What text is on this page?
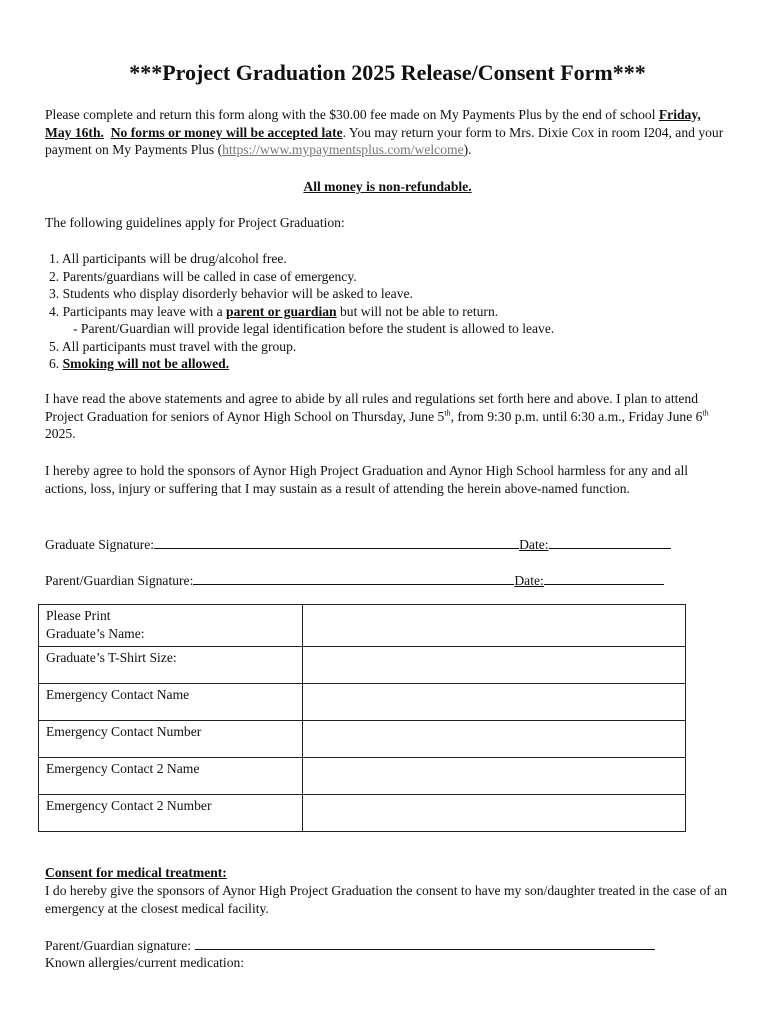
***Project Graduation 2025 Release/Consent Form***
Please complete and return this form along with the $30.00 fee made on My Payments Plus by the end of school Friday, May 16th. No forms or money will be accepted late. You may return your form to Mrs. Dixie Cox in room I204, and your payment on My Payments Plus (https://www.mypaymentsplus.com/welcome).
All money is non-refundable.
The following guidelines apply for Project Graduation:
1. All participants will be drug/alcohol free.
2. Parents/guardians will be called in case of emergency.
3. Students who display disorderly behavior will be asked to leave.
4. Participants may leave with a parent or guardian but will not be able to return.
- Parent/Guardian will provide legal identification before the student is allowed to leave.
5. All participants must travel with the group.
6. Smoking will not be allowed.
I have read the above statements and agree to abide by all rules and regulations set forth here and above. I plan to attend Project Graduation for seniors of Aynor High School on Thursday, June 5th, from 9:30 p.m. until 6:30 a.m., Friday June 6th 2025.
I hereby agree to hold the sponsors of Aynor High Project Graduation and Aynor High School harmless for any and all actions, loss, injury or suffering that I may sustain as a result of attending the herein above-named function.
Graduate Signature:	Date:
Parent/Guardian Signature:	Date:
Please Print
Graduate’s Name:	

Graduate’s T-Shirt Size:	
Emergency Contact Name	
Emergency Contact Number	
Emergency Contact 2 Name	
Emergency Contact 2 Number	
Consent for medical treatment:
I do hereby give the sponsors of Aynor High Project Graduation the consent to have my son/daughter treated in the case of an emergency at the closest medical facility.
Parent/Guardian signature:
Known allergies/current medication:
